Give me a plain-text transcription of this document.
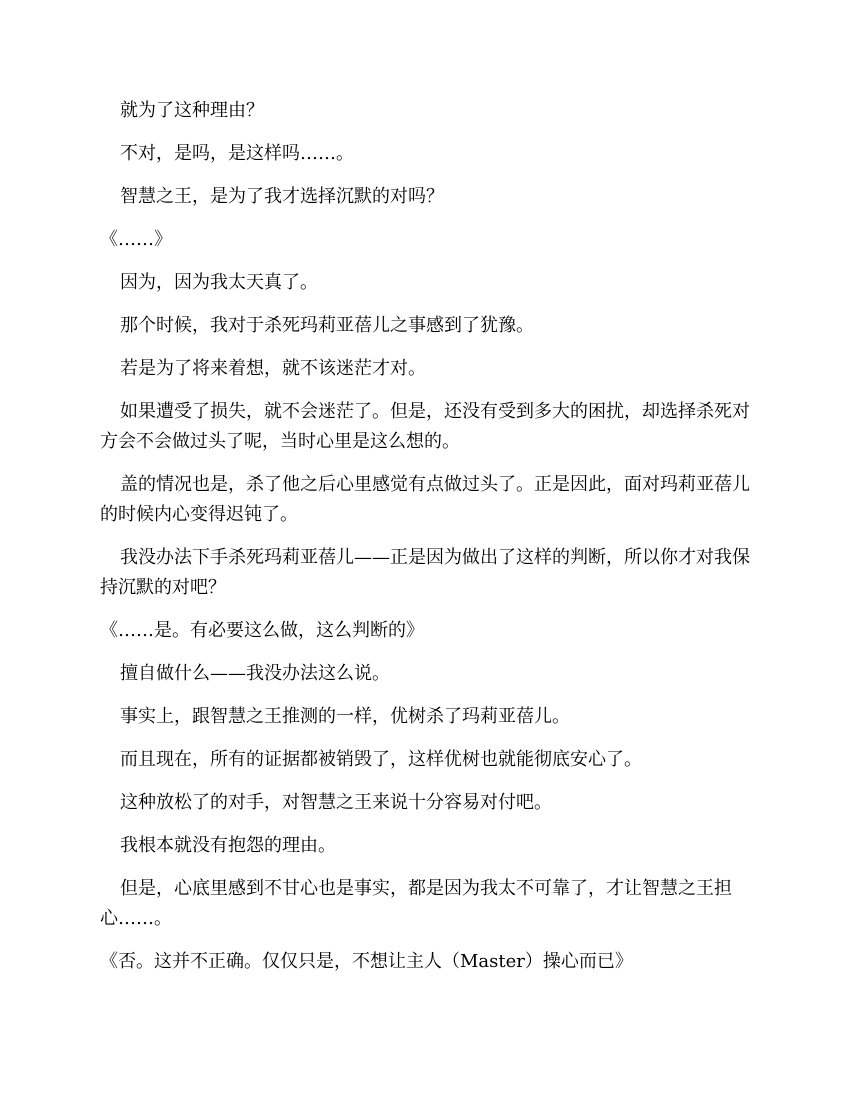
就为了这种理由？

不对，是吗，是这样吗……。

智慧之王，是为了我才选择沉默的对吗？

《……》

因为，因为我太天真了。

那个时候，我对于杀死玛莉亚蓓儿之事感到了犹豫。

若是为了将来着想，就不该迷茫才对。

如果遭受了损失，就不会迷茫了。但是，还没有受到多大的困扰，却选择杀死对方会不会做过头了呢，当时心里是这么想的。

盖的情况也是，杀了他之后心里感觉有点做过头了。正是因此，面对玛莉亚蓓儿的时候内心变得迟钝了。

我没办法下手杀死玛莉亚蓓儿——正是因为做出了这样的判断，所以你才对我保持沉默的对吧？

《……是。有必要这么做，这么判断的》

擅自做什么——我没办法这么说。

事实上，跟智慧之王推测的一样，优树杀了玛莉亚蓓儿。

而且现在，所有的证据都被销毁了，这样优树也就能彻底安心了。

这种放松了的对手，对智慧之王来说十分容易对付吧。

我根本就没有抱怨的理由。

但是，心底里感到不甘心也是事实，都是因为我太不可靠了，才让智慧之王担心……。

《否。这并不正确。仅仅只是，不想让主人（Master）操心而已》
